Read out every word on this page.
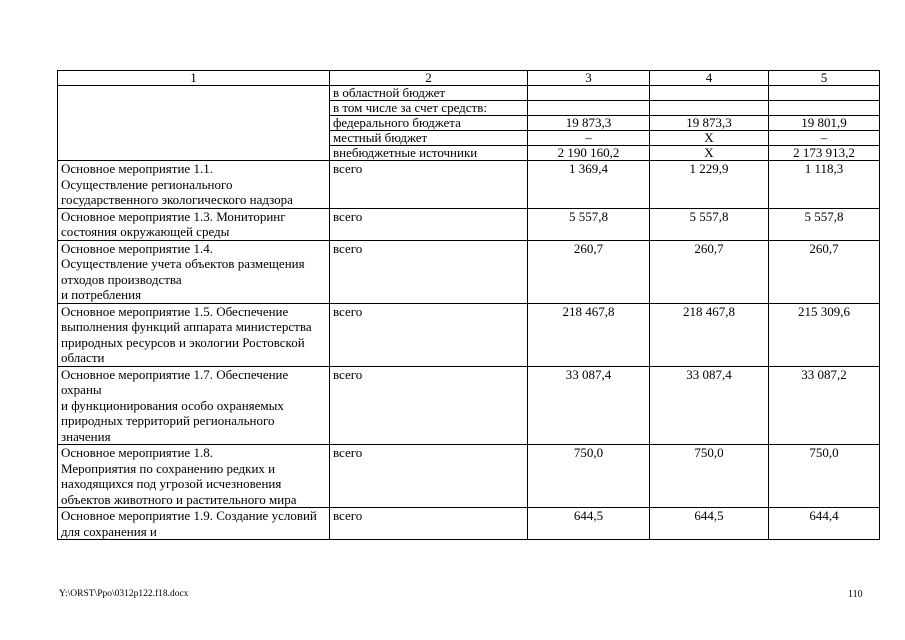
1	2	3	4	5
	в областной бюджет			
	в том числе за счет средств:			
	федерального бюджета	19 873,3	19 873,3	19 801,9
	местный бюджет	–	Х	–
	внебюджетные источники	2 190 160,2	Х	2 173 913,2
Основное мероприятие 1.1.
Осуществление регионального государственного экологического надзора	всего	1 369,4	1 229,9	1 118,3
Основное мероприятие 1.3. Мониторинг состояния окружающей среды	всего	5 557,8	5 557,8	5 557,8
Основное мероприятие 1.4.
Осуществление учета объектов размещения отходов производства
и потребления	всего	260,7	260,7	260,7
Основное мероприятие 1.5. Обеспечение выполнения функций аппарата министерства природных ресурсов и экологии Ростовской области	всего	218 467,8	218 467,8	215 309,6
Основное мероприятие 1.7. Обеспечение охраны
и функционирования особо охраняемых природных территорий регионального значения	всего	33 087,4	33 087,4	33 087,2
Основное мероприятие 1.8.
Мероприятия по сохранению редких и находящихся под угрозой исчезновения объектов животного и растительного мира	всего	750,0	750,0	750,0
Основное мероприятие 1.9. Создание условий для сохранения и	всего	644,5	644,5	644,4
Y:\ORST\Ppo\0312p122.f18.docx	110
